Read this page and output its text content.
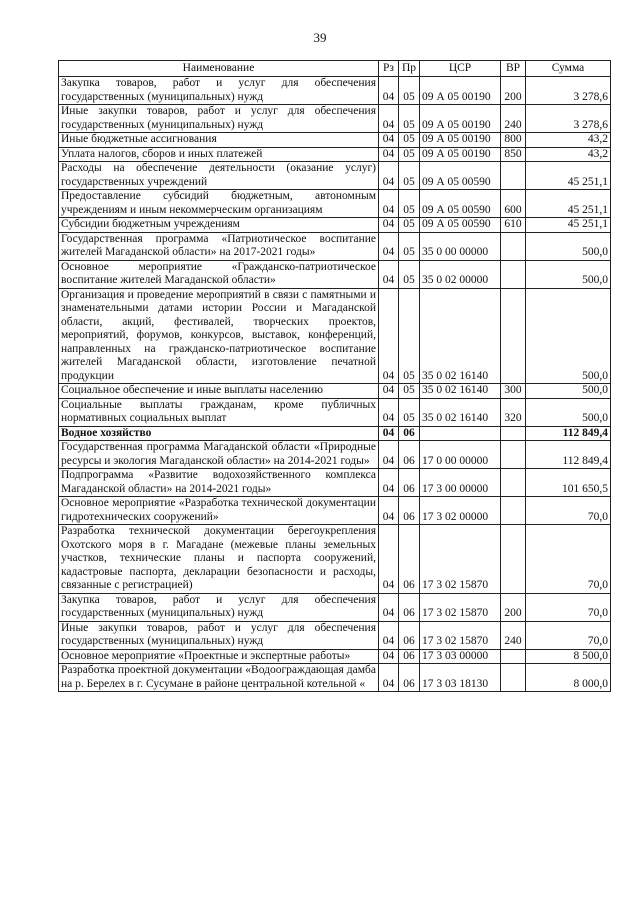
39
Наименование	Рз	Пр	ЦСР	ВР	Сумма
Закупка товаров, работ и услуг для обеспечения государственных (муниципальных) нужд	04	05	09 А 05 00190	200	3 278,6
Иные закупки товаров, работ и услуг для обеспечения государственных (муниципальных) нужд	04	05	09 А 05 00190	240	3 278,6
Иные бюджетные ассигнования	04	05	09 А 05 00190	800	43,2
Уплата налогов, сборов и иных платежей	04	05	09 А 05 00190	850	43,2
Расходы на обеспечение деятельности (оказание услуг) государственных учреждений	04	05	09 А 05 00590		45 251,1
Предоставление субсидий бюджетным, автономным учреждениям и иным некоммерческим организациям	04	05	09 А 05 00590	600	45 251,1
Субсидии бюджетным учреждениям	04	05	09 А 05 00590	610	45 251,1
Государственная программа «Патриотическое воспитание жителей Магаданской области» на 2017-2021 годы»	04	05	35 0 00 00000		500,0
Основное мероприятие «Гражданско-патриотическое воспитание жителей Магаданской области»	04	05	35 0 02 00000		500,0
Организация и проведение мероприятий в связи с памятными и знаменательными датами истории России и Магаданской области, акций, фестивалей, творческих проектов, мероприятий, форумов, конкурсов, выставок, конференций, направленных на гражданско-патриотическое воспитание жителей Магаданской области, изготовление печатной продукции	04	05	35 0 02 16140		500,0
Социальное обеспечение и иные выплаты населению	04	05	35 0 02 16140	300	500,0
Социальные выплаты гражданам, кроме публичных нормативных социальных выплат	04	05	35 0 02 16140	320	500,0
Водное хозяйство	04	06			112 849,4
Государственная программа Магаданской области «Природные ресурсы и экология Магаданской области» на 2014-2021 годы»	04	06	17 0 00 00000		112 849,4
Подпрограмма «Развитие водохозяйственного комплекса Магаданской области» на 2014-2021 годы»	04	06	17 3 00 00000		101 650,5
Основное мероприятие «Разработка технической документации гидротехнических сооружений»	04	06	17 3 02 00000		70,0
Разработка технической документации берегоукрепления Охотского моря в г. Магадане (межевые планы земельных участков, технические планы и паспорта сооружений, кадастровые паспорта, декларации безопасности и расходы, связанные с регистрацией)	04	06	17 3 02 15870		70,0
Закупка товаров, работ и услуг для обеспечения государственных (муниципальных) нужд	04	06	17 3 02 15870	200	70,0
Иные закупки товаров, работ и услуг для обеспечения государственных (муниципальных) нужд	04	06	17 3 02 15870	240	70,0
Основное мероприятие «Проектные и экспертные работы»	04	06	17 3 03 00000		8 500,0
Разработка проектной документации «Водоограждающая дамба на р. Берелех в г. Сусумане в районе центральной котельной «	04	06	17 3 03 18130		8 000,0
